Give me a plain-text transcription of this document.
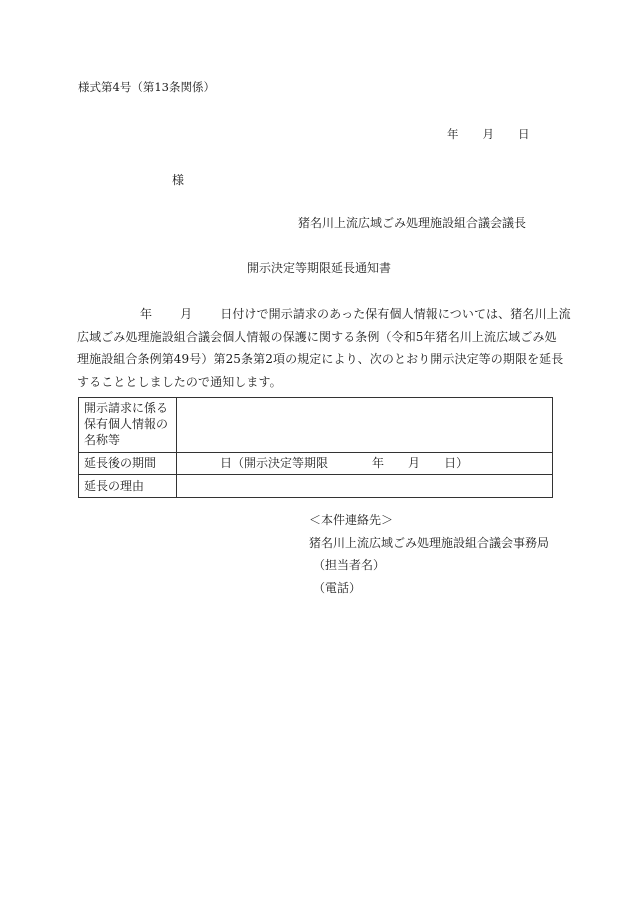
様式第4号（第13条関係）
年 月 日
様
猪名川上流広域ごみ処理施設組合議会議長
開示決定等期限延長通知書
年 月 日付けで開示請求のあった保有個人情報については、猪名川上流
広域ごみ処理施設組合議会個人情報の保護に関する条例（令和5年猪名川上流広域ごみ処
理施設組合条例第49号）第25条第2項の規定により、次のとおり開示決定等の期限を延長
することとしましたので通知します。
開示請求に係る
保有個人情報の
名称等	

延長後の期間	日（開示決定等期限 年 月 日）
延長の理由	
＜本件連絡先＞
猪名川上流広域ごみ処理施設組合議会事務局
（担当者名）
（電話）
